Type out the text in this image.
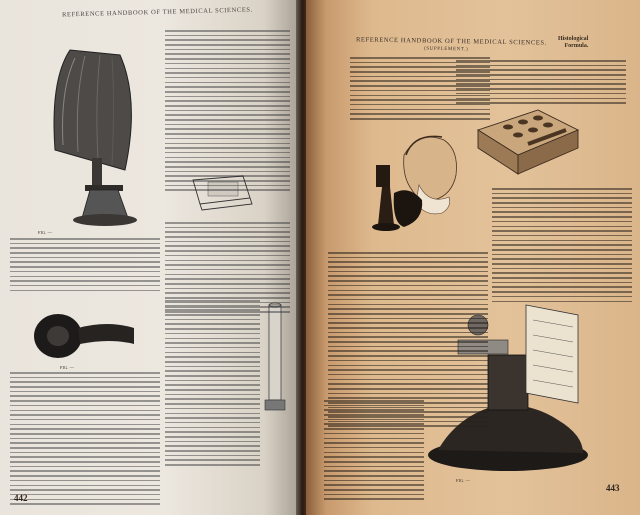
REFERENCE HANDBOOK OF THE MEDICAL SCIENCES.
FIG. ---
FIG. ---
442
REFERENCE HANDBOOK OF THE MEDICAL SCIENCES.
(SUPPLEMENT.)
Histological
Formula.
FIG. ---
443
